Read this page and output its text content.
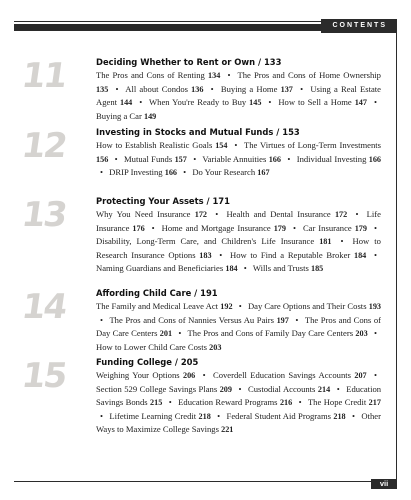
CONTENTS
11	Deciding Whether to Rent or Own / 133
The Pros and Cons of Renting 134 • The Pros and Cons of Home Ownership 135 • All about Condos 136 • Buying a Home 137 • Using a Real Estate Agent 144 • When You're Ready to Buy 145 • How to Sell a Home 147 • Buying a Car 149
12	Investing in Stocks and Mutual Funds / 153
How to Establish Realistic Goals 154 • The Virtues of Long-Term Investments 156 • Mutual Funds 157 • Variable Annuities 166 • Individual Investing 166 • DRIP Investing 166 • Do Your Research 167
13	Protecting Your Assets / 171
Why You Need Insurance 172 • Health and Dental Insurance 172 • Life Insurance 176 • Home and Mortgage Insurance 179 • Car Insurance 179 • Disability, Long-Term Care, and Children's Life Insurance 181 • How to Research Insurance Options 183 • How to Find a Reputable Broker 184 • Naming Guardians and Beneficiaries 184 • Wills and Trusts 185
14	Affording Child Care / 191
The Family and Medical Leave Act 192 • Day Care Options and Their Costs 193 • The Pros and Cons of Nannies Versus Au Pairs 197 • The Pros and Cons of Day Care Centers 201 • The Pros and Cons of Family Day Care Centers 203 • How to Lower Child Care Costs 203
15	Funding College / 205
Weighing Your Options 206 • Coverdell Education Savings Accounts 207 • Section 529 College Savings Plans 209 • Custodial Accounts 214 • Education Savings Bonds 215 • Education Reward Programs 216 • The Hope Credit 217 • Lifetime Learning Credit 218 • Federal Student Aid Programs 218 • Other Ways to Maximize College Savings 221
vii
